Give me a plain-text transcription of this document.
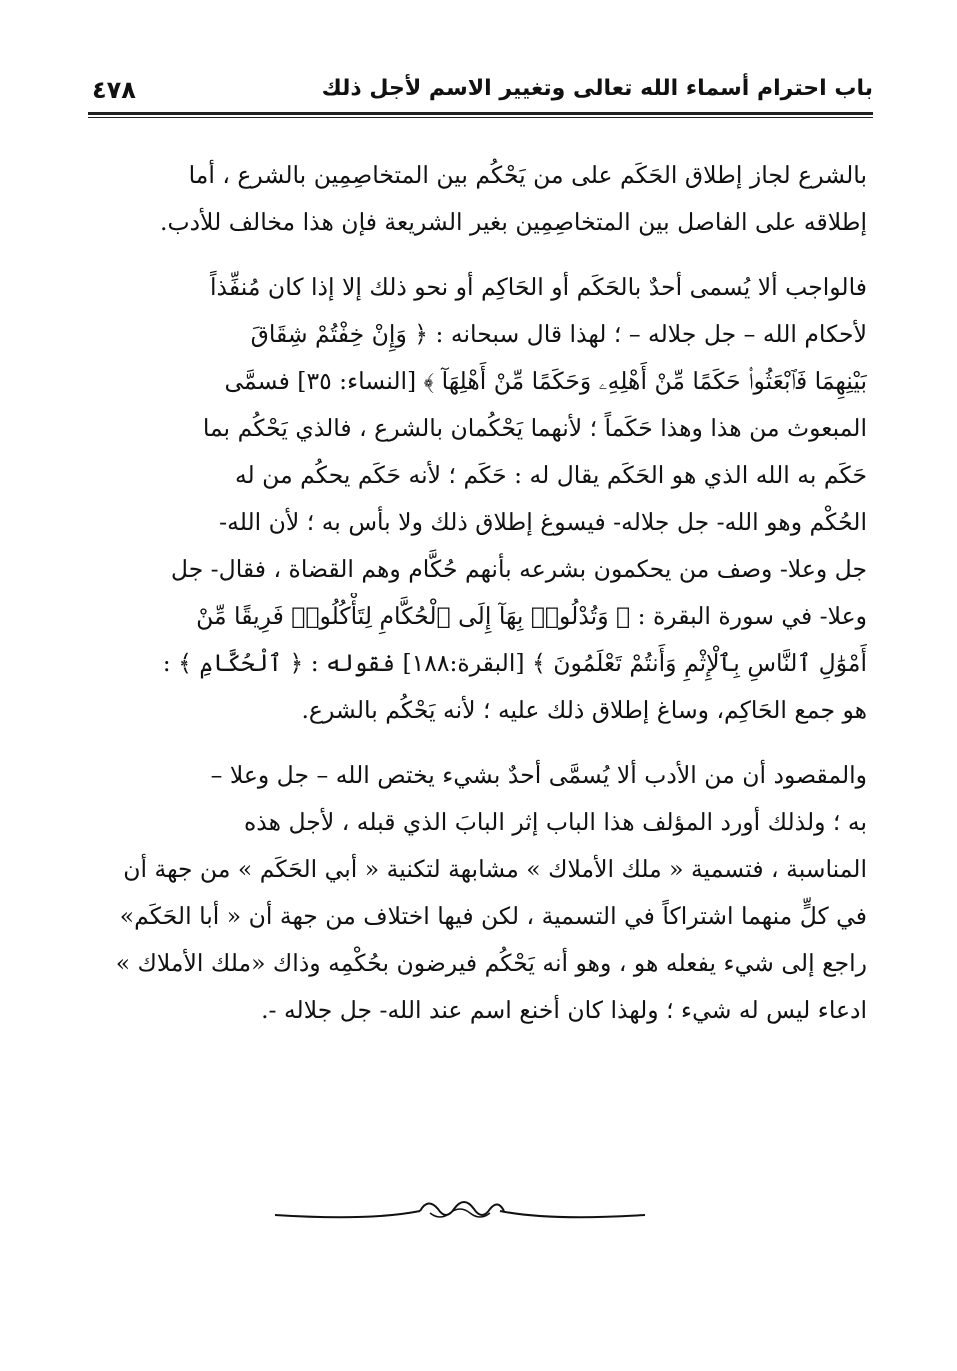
٤٧٨	باب احترام أسماء الله تعالى وتغيير الاسم لأجل ذلك

بالشرع لجاز إطلاق الحَكَم على من يَحْكُم بين المتخاصِمِين بالشرع ، أما
إطلاقه على الفاصل بين المتخاصِمِين بغير الشريعة فإن هذا مخالف للأدب.

فالواجب ألا يُسمى أحدٌ بالحَكَم أو الحَاكِم أو نحو ذلك إلا إذا كان مُنفِّذاً
لأحكام الله – جل جلاله – ؛ لهذا قال سبحانه : ﴿ وَإِنْ خِفْتُمْ شِقَاقَ
بَيْنِهِمَا فَٱبْعَثُوا۟ حَكَمًا مِّنْ أَهْلِهِۦ وَحَكَمًا مِّنْ أَهْلِهَآ ﴾ [النساء: ٣٥] فسمَّى
المبعوث من هذا وهذا حَكَماً ؛ لأنهما يَحْكُمان بالشرع ، فالذي يَحْكُم بما
حَكَم به الله الذي هو الحَكَم يقال له : حَكَم ؛ لأنه حَكَم يحكُم من له
الحُكْم وهو الله- جل جلاله- فيسوغ إطلاق ذلك ولا بأس به ؛ لأن الله-
جل وعلا- وصف من يحكمون بشرعه بأنهم حُكَّام وهم القضاة ، فقال- جل
وعلا- في سورة البقرة : ﴿ وَتُدْلُوا۟ بِهَآ إِلَى ٱلْحُكَّامِ لِتَأْكُلُوا۟ فَرِيقًا مِّنْ
أَمْوَٰلِ ٱلنَّاسِ بِٱلْإِثْمِ وَأَنتُمْ تَعْلَمُونَ ﴾ [البقرة:١٨٨] فقوله : ﴿ ٱلْحُكَّامِ ﴾ :
هو جمع الحَاكِم، وساغ إطلاق ذلك عليه ؛ لأنه يَحْكُم بالشرع.

والمقصود أن من الأدب ألا يُسمَّى أحدٌ بشيء يختص الله – جل وعلا –
به ؛ ولذلك أورد المؤلف هذا الباب إثر البابَ الذي قبله ، لأجل هذه
المناسبة ، فتسمية « ملك الأملاك » مشابهة لتكنية « أبي الحَكَم » من جهة أن
في كلٍّ منهما اشتراكاً في التسمية ، لكن فيها اختلاف من جهة أن « أبا الحَكَم»
راجع إلى شيء يفعله هو ، وهو أنه يَحْكُم فيرضون بحُكْمِه وذاك «ملك الأملاك »
ادعاء ليس له شيء ؛ ولهذا كان أخنع اسم عند الله- جل جلاله -.
